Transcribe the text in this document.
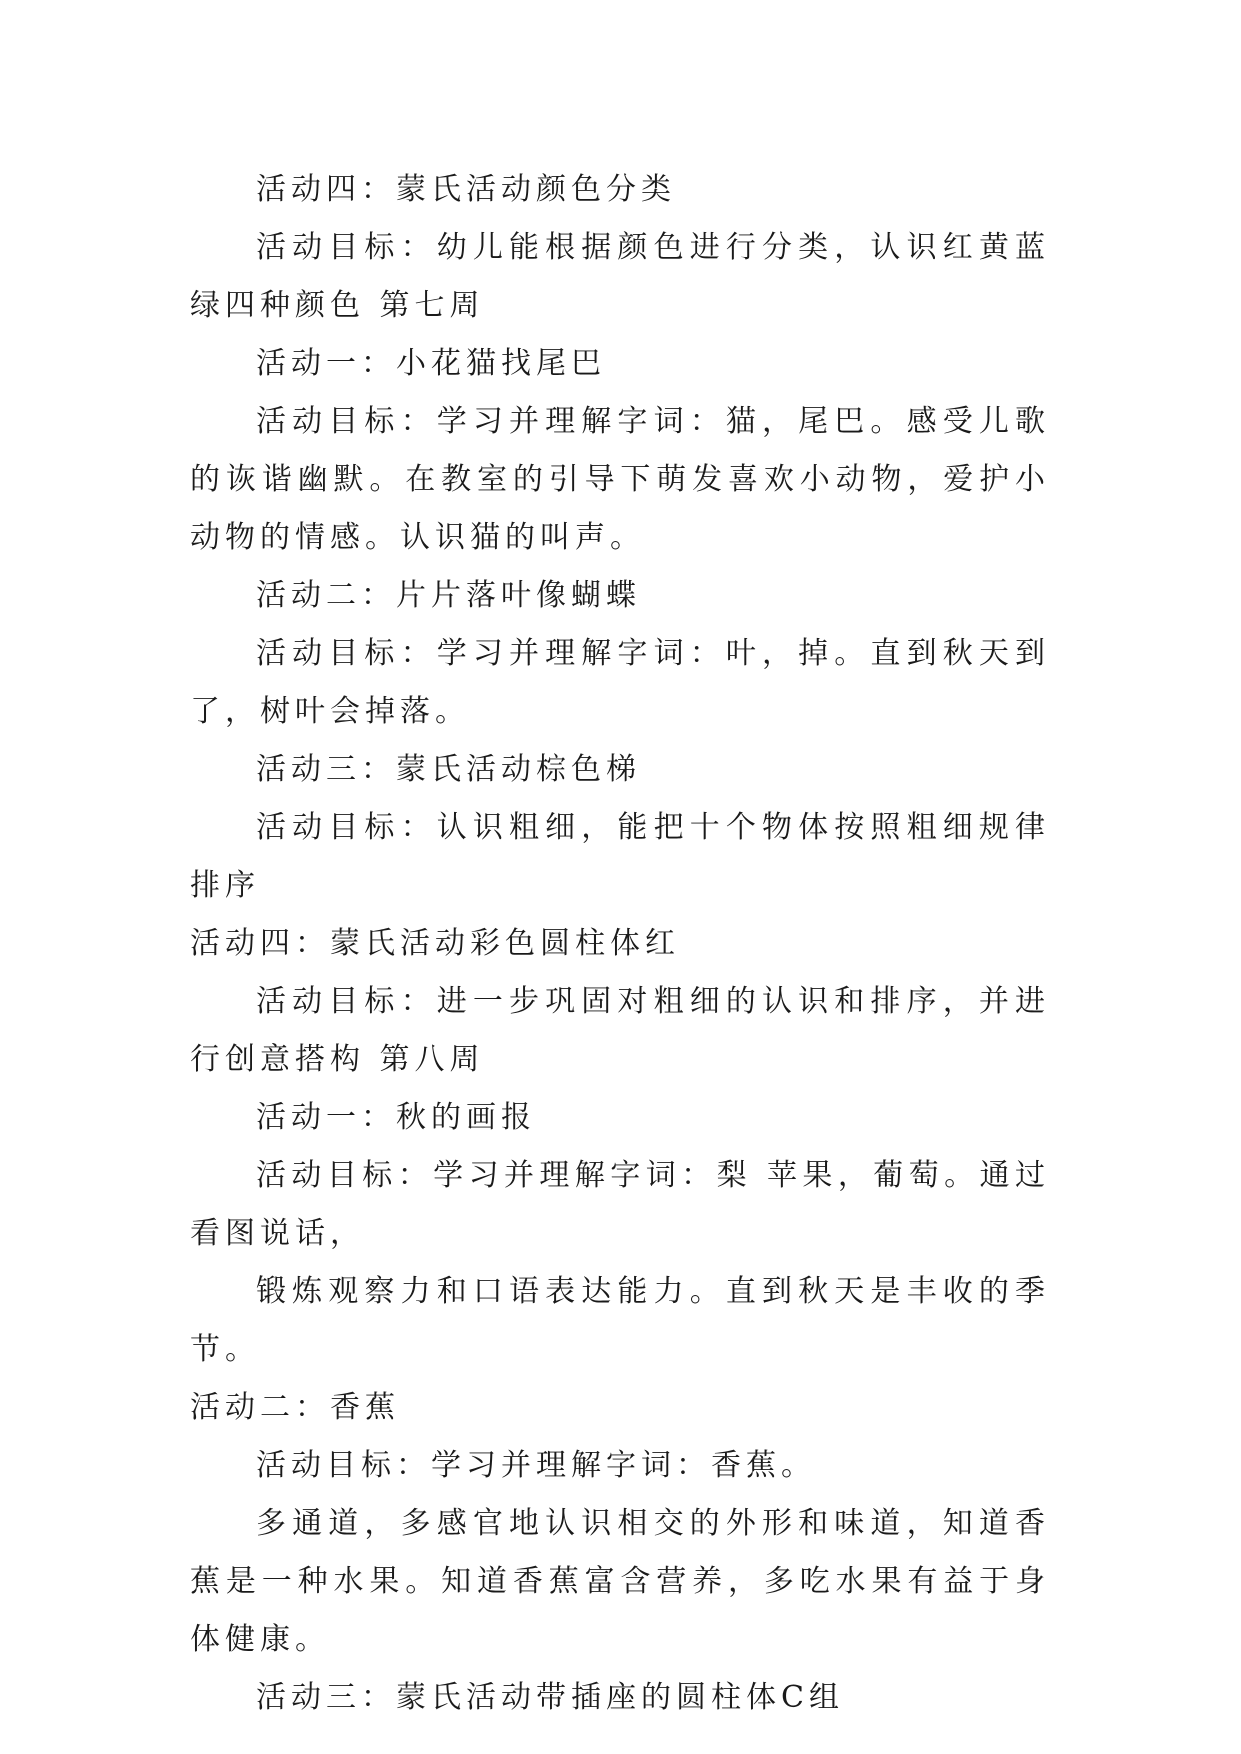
活动四：蒙氏活动颜色分类

活动目标：幼儿能根据颜色进行分类，认识红黄蓝绿四种颜色 第七周

活动一：小花猫找尾巴

活动目标：学习并理解字词：猫，尾巴。感受儿歌的诙谐幽默。在教室的引导下萌发喜欢小动物，爱护小动物的情感。认识猫的叫声。

活动二：片片落叶像蝴蝶

活动目标：学习并理解字词：叶，掉。直到秋天到了，树叶会掉落。

活动三：蒙氏活动棕色梯

活动目标：认识粗细，能把十个物体按照粗细规律排序

活动四：蒙氏活动彩色圆柱体红

活动目标：进一步巩固对粗细的认识和排序，并进行创意搭构 第八周

活动一：秋的画报

活动目标：学习并理解字词：梨 苹果，葡萄。通过看图说话，

锻炼观察力和口语表达能力。直到秋天是丰收的季节。

活动二：香蕉

活动目标：学习并理解字词：香蕉。

多通道，多感官地认识相交的外形和味道，知道香蕉是一种水果。知道香蕉富含营养，多吃水果有益于身体健康。

活动三：蒙氏活动带插座的圆柱体C组
